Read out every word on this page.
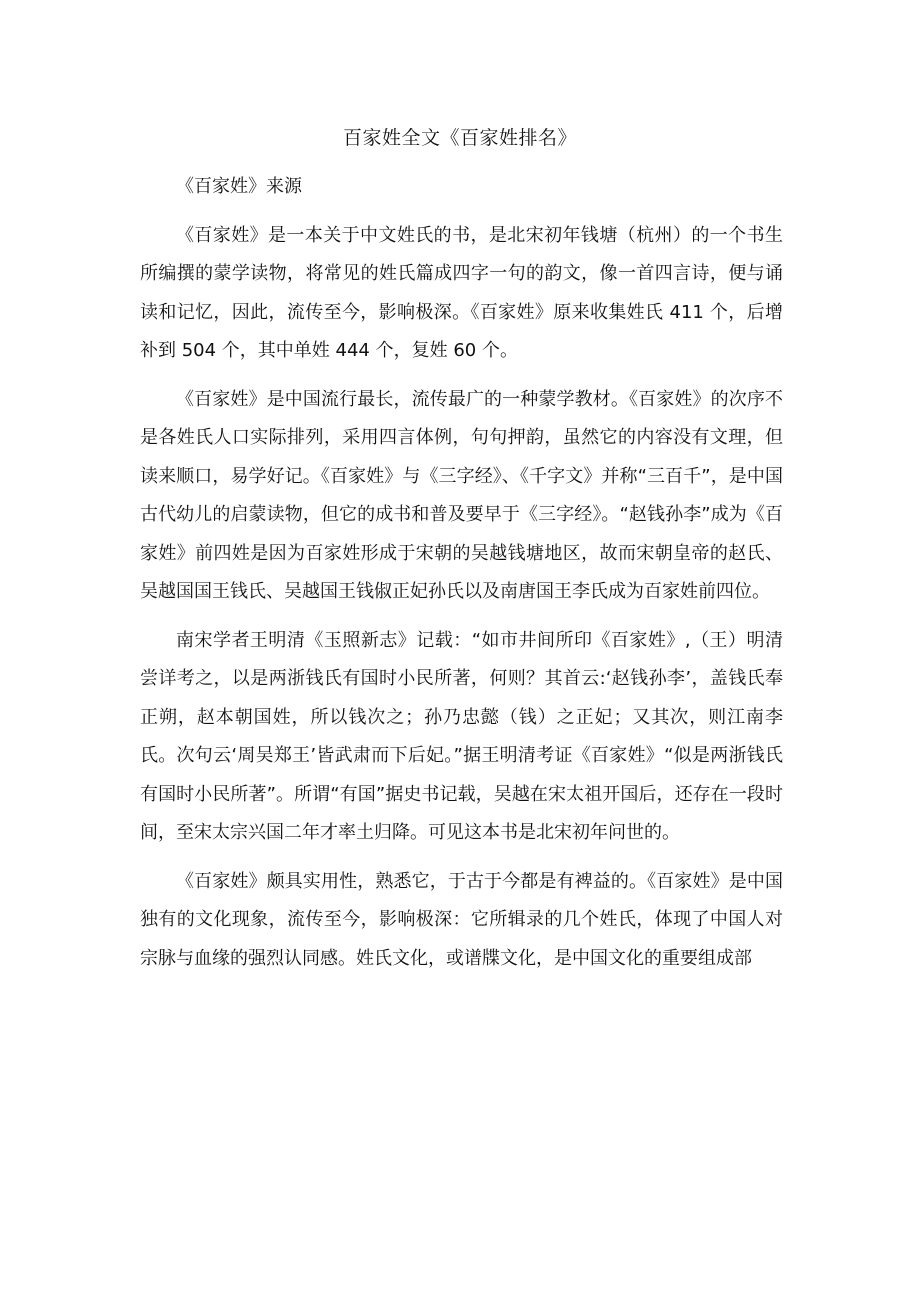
百家姓全文《百家姓排名》

《百家姓》来源

《百家姓》是一本关于中文姓氏的书，是北宋初年钱塘（杭州）的一个书生所编撰的蒙学读物，将常见的姓氏篇成四字一句的韵文，像一首四言诗，便与诵读和记忆，因此，流传至今，影响极深。《百家姓》原来收集姓氏 411 个，后增补到 504 个，其中单姓 444 个，复姓 60 个。

《百家姓》是中国流行最长，流传最广的一种蒙学教材。《百家姓》的次序不是各姓氏人口实际排列，采用四言体例，句句押韵，虽然它的内容没有文理，但读来顺口，易学好记。《百家姓》与《三字经》、《千字文》并称“三百千”，是中国古代幼儿的启蒙读物，但它的成书和普及要早于《三字经》。“赵钱孙李”成为《百家姓》前四姓是因为百家姓形成于宋朝的吴越钱塘地区，故而宋朝皇帝的赵氏、吴越国国王钱氏、吴越国王钱俶正妃孙氏以及南唐国王李氏成为百家姓前四位。

南宋学者王明清《玉照新志》记载：“如市井间所印《百家姓》,（王）明清尝详考之，以是两浙钱氏有国时小民所著，何则？其首云:‘赵钱孙李’，盖钱氏奉正朔，赵本朝国姓，所以钱次之；孙乃忠懿（钱）之正妃；又其次，则江南李氏。次句云‘周吴郑王’皆武肃而下后妃。”据王明清考证《百家姓》“似是两浙钱氏有国时小民所著”。所谓“有国”据史书记载，吴越在宋太祖开国后，还存在一段时间，至宋太宗兴国二年才率土归降。可见这本书是北宋初年问世的。

《百家姓》颇具实用性，熟悉它，于古于今都是有裨益的。《百家姓》是中国独有的文化现象，流传至今，影响极深：它所辑录的几个姓氏，体现了中国人对宗脉与血缘的强烈认同感。姓氏文化，或谱牒文化，是中国文化的重要组成部
